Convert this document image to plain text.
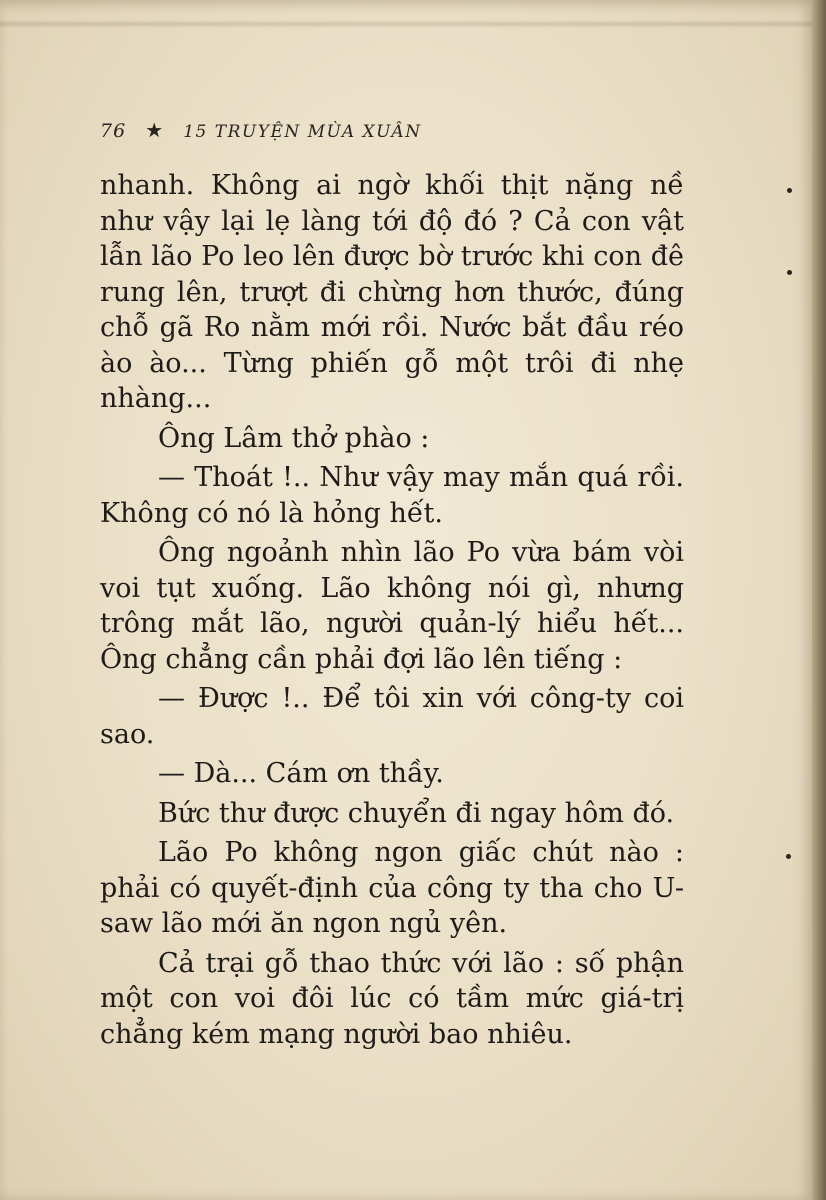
76 ★ 15 TRUYỆN MÙA XUÂN

nhanh. Không ai ngờ khối thịt nặng nề như vậy lại lẹ làng tới độ đó ? Cả con vật lẫn lão Po leo lên được bờ trước khi con đê rung lên, trượt đi chừng hơn thước, đúng chỗ gã Ro nằm mới rồi. Nước bắt đầu réo ào ào... Từng phiến gỗ một trôi đi nhẹ nhàng...

Ông Lâm thở phào :

— Thoát !.. Như vậy may mắn quá rồi. Không có nó là hỏng hết.

Ông ngoảnh nhìn lão Po vừa bám vòi voi tụt xuống. Lão không nói gì, nhưng trông mắt lão, người quản-lý hiểu hết... Ông chẳng cần phải đợi lão lên tiếng :

— Được !.. Để tôi xin với công-ty coi sao.

— Dà... Cám ơn thầy.

Bức thư được chuyển đi ngay hôm đó.

Lão Po không ngon giấc chút nào : phải có quyết-định của công ty tha cho U-saw lão mới ăn ngon ngủ yên.

Cả trại gỗ thao thức với lão : số phận một con voi đôi lúc có tầm mức giá-trị chẳng kém mạng người bao nhiêu.
